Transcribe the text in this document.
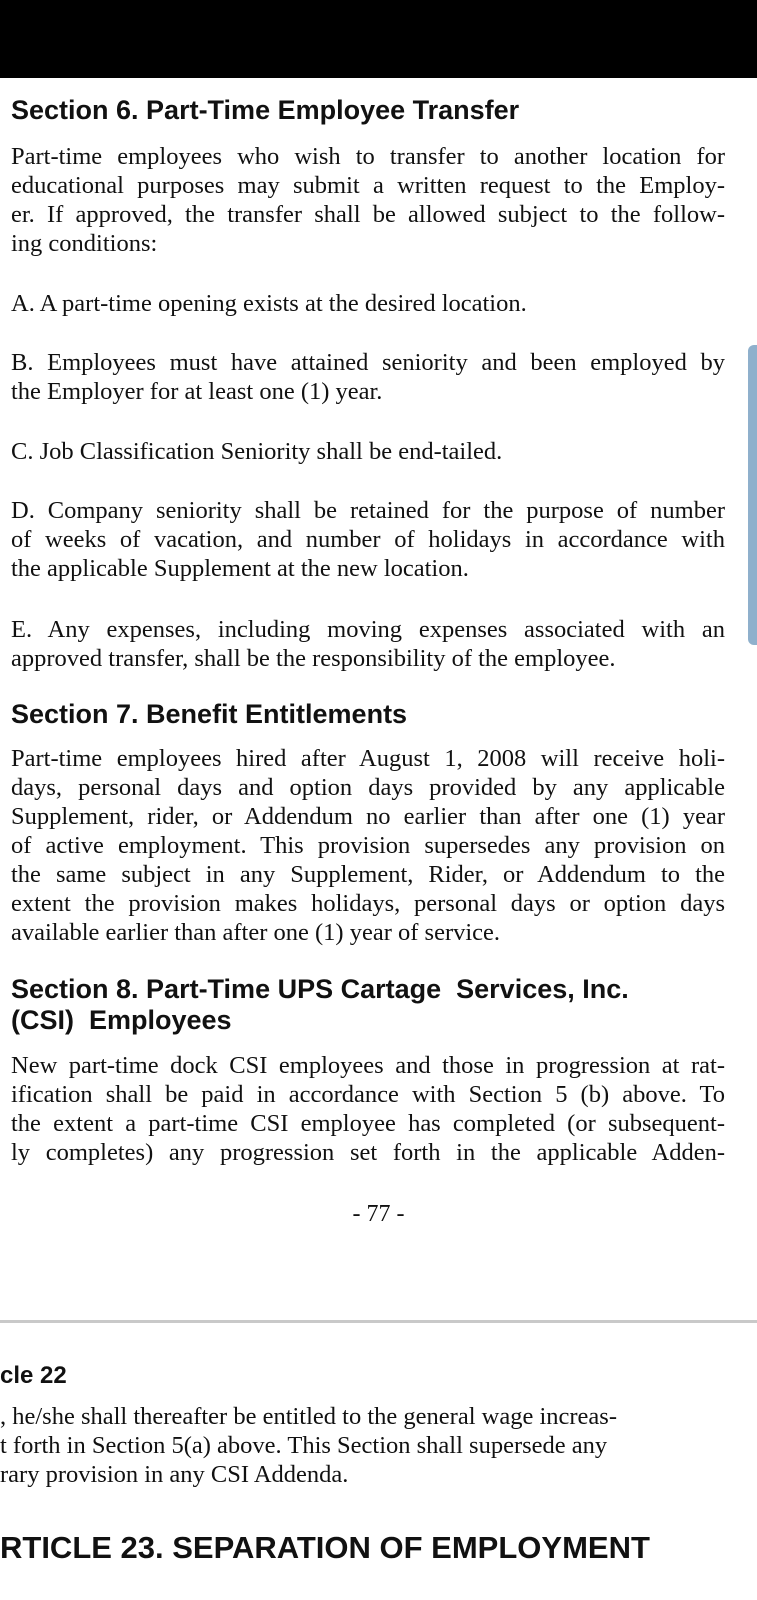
Section 6. Part-Time Employee Transfer
Part-time employees who wish to transfer to another location for
educational purposes may submit a written request to the Employ-
er. If approved, the transfer shall be allowed subject to the follow-
ing conditions:
A. A part-time opening exists at the desired location.
B. Employees must have attained seniority and been employed by
the Employer for at least one (1) year.
C. Job Classification Seniority shall be end-tailed.
D. Company seniority shall be retained for the purpose of number
of weeks of vacation, and number of holidays in accordance with
the applicable Supplement at the new location.
E. Any expenses, including moving expenses associated with an
approved transfer, shall be the responsibility of the employee.
Section 7. Benefit Entitlements
Part-time employees hired after August 1, 2008 will receive holi-
days, personal days and option days provided by any applicable
Supplement, rider, or Addendum no earlier than after one (1) year
of active employment. This provision supersedes any provision on
the same subject in any Supplement, Rider, or Addendum to the
extent the provision makes holidays, personal days or option days
available earlier than after one (1) year of service.
Section 8. Part-Time UPS Cartage  Services, Inc.
(CSI)  Employees
New part-time dock CSI employees and those in progression at rat-
ification shall be paid in accordance with Section 5 (b) above. To
the extent a part-time CSI employee has completed (or subsequent-
ly completes) any progression set forth in the applicable Adden-
- 77 -
cle 22
, he/she shall thereafter be entitled to the general wage increas-
t forth in Section 5(a) above. This Section shall supersede any
rary provision in any CSI Addenda.
RTICLE 23. SEPARATION OF EMPLOYMENT
